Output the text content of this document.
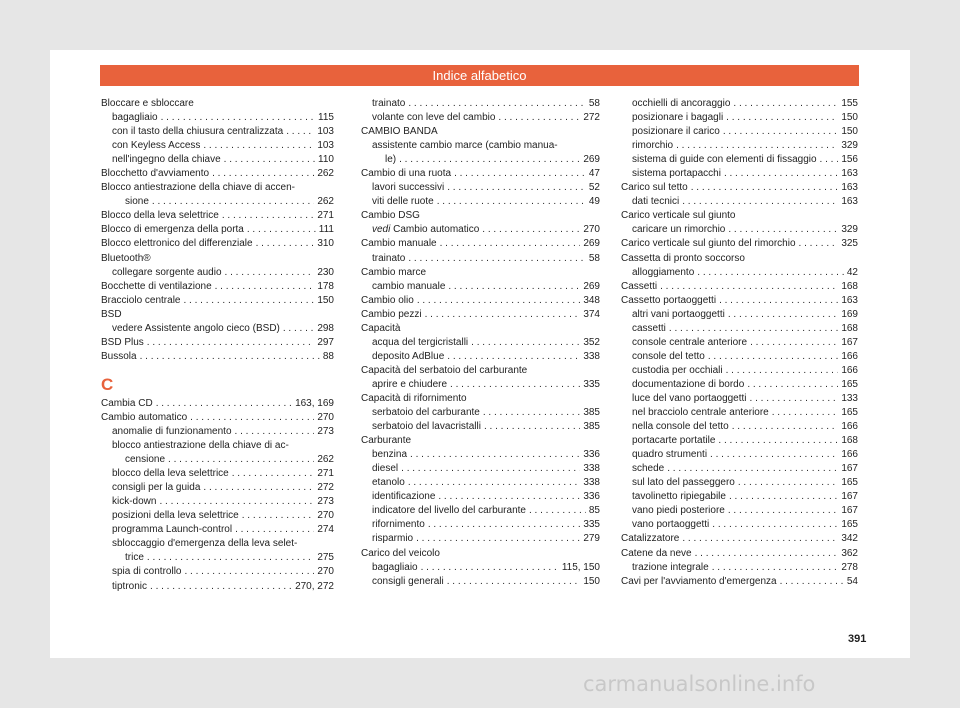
Indice alfabetico
Bloccare e sbloccare
bagagliaio . . .	115
con il tasto della chiusura centralizzata . . .	103
con Keyless Access . . .	103
nell'ingegno della chiave . . .	110
Blocchetto d'avviamento . . .	262
Blocco antiestrazione della chiave di accen-
sione . . .	262
Blocco della leva selettrice . . .	271
Blocco di emergenza della porta . . .	111
Blocco elettronico del differenziale . . .	310
Bluetooth®
collegare sorgente audio . . .	230
Bocchette di ventilazione . . .	178
Bracciolo centrale . . .	150
BSD
vedere Assistente angolo cieco (BSD) . . .	298
BSD Plus . . .	297
Bussola . . .	88
C
Cambia CD . . .	163, 169
Cambio automatico . . .	270
anomalie di funzionamento . . .	273
blocco antiestrazione della chiave di ac-
censione . . .	262
blocco della leva selettrice . . .	271
consigli per la guida . . .	272
kick-down . . .	273
posizioni della leva selettrice . . .	270
programma Launch-control . . .	274
sbloccaggio d'emergenza della leva selet-
trice . . .	275
spia di controllo . . .	270
tiptronic . . .	270, 272
trainato . . .	58
volante con leve del cambio . . .	272
CAMBIO BANDA
assistente cambio marce (cambio manua-
le) . . .	269
Cambio di una ruota . . .	47
lavori successivi . . .	52
viti delle ruote . . .	49
Cambio DSG
vedi Cambio automatico . . .	270
Cambio manuale . . .	269
trainato . . .	58
Cambio marce
cambio manuale . . .	269
Cambio olio . . .	348
Cambio pezzi . . .	374
Capacità
acqua del tergicristalli . . .	352
deposito AdBlue . . .	338
Capacità del serbatoio del carburante
aprire e chiudere . . .	335
Capacità di rifornimento
serbatoio del carburante . . .	385
serbatoio del lavacristalli . . .	385
Carburante
benzina . . .	336
diesel . . .	338
etanolo . . .	338
identificazione . . .	336
indicatore del livello del carburante . . .	85
rifornimento . . .	335
risparmio . . .	279
Carico del veicolo
bagagliaio . . .	115, 150
consigli generali . . .	150
occhielli di ancoraggio . . .	155
posizionare i bagagli . . .	150
posizionare il carico . . .	150
rimorchio . . .	329
sistema di guide con elementi di fissaggio . . . 156
sistema portapacchi . . .	163
Carico sul tetto . . .	163
dati tecnici . . .	163
Carico verticale sul giunto
caricare un rimorchio . . .	329
Carico verticale sul giunto del rimorchio . . .	325
Cassetta di pronto soccorso
alloggiamento . . .	42
Cassetti . . .	168
Cassetto portaoggetti . . .	163
altri vani portaoggetti . . .	169
cassetti . . .	168
console centrale anteriore . . .	167
console del tetto . . .	166
custodia per occhiali . . .	166
documentazione di bordo . . .	165
luce del vano portaoggetti . . .	133
nel bracciolo centrale anteriore . . .	165
nella console del tetto . . .	166
portacarte portatile . . .	168
quadro strumenti . . .	166
schede . . .	167
sul lato del passeggero . . .	165
tavolinetto ripiegabile . . .	167
vano piedi posteriore . . .	167
vano portaoggetti . . .	165
Catalizzatore . . .	342
Catene da neve . . .	362
trazione integrale . . .	278
Cavi per l'avviamento d'emergenza . . .	54
391
carmanualsonline.info
